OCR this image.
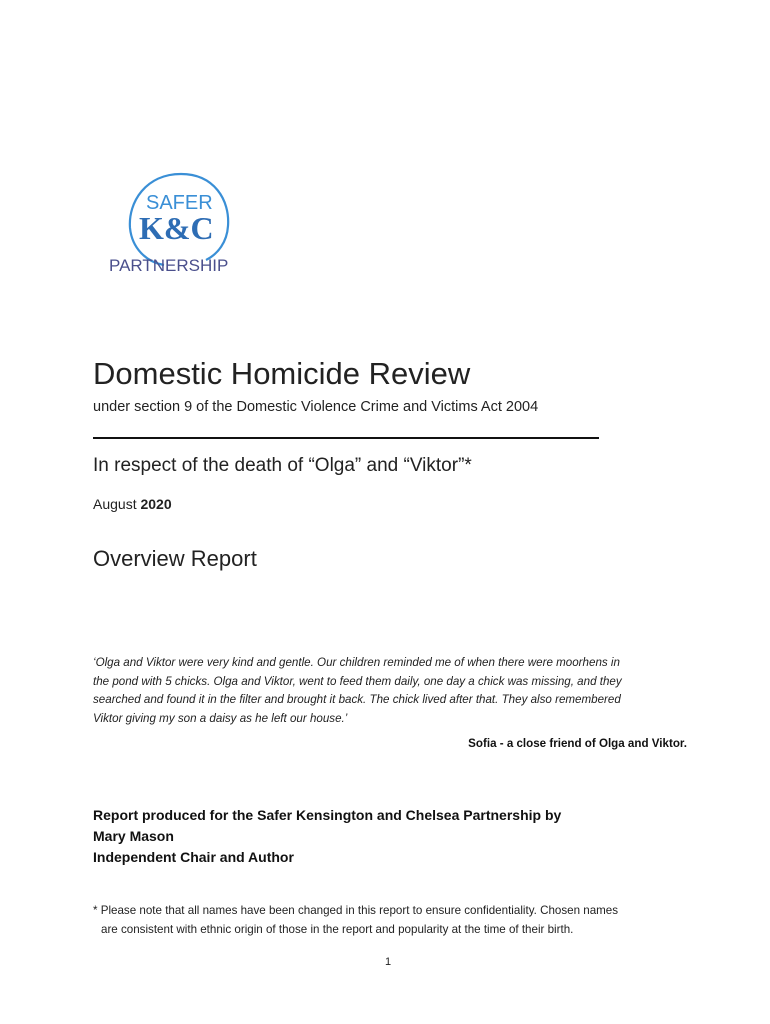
SAFER
K&C
PARTNERSHIP
Domestic Homicide Review
under section 9 of the Domestic Violence Crime and Victims Act 2004
In respect of the death of “Olga” and “Viktor”*
August 2020
Overview Report
‘Olga and Viktor were very kind and gentle. Our children reminded me of when there were moorhens in
the pond with 5 chicks. Olga and Viktor, went to feed them daily, one day a chick was missing, and they
searched and found it in the filter and brought it back. The chick lived after that. They also remembered
Viktor giving my son a daisy as he left our house.’
Sofia - a close friend of Olga and Viktor.
Report produced for the Safer Kensington and Chelsea Partnership by
Mary Mason
Independent Chair and Author
* Please note that all names have been changed in this report to ensure confidentiality. Chosen names
are consistent with ethnic origin of those in the report and popularity at the time of their birth.
1
